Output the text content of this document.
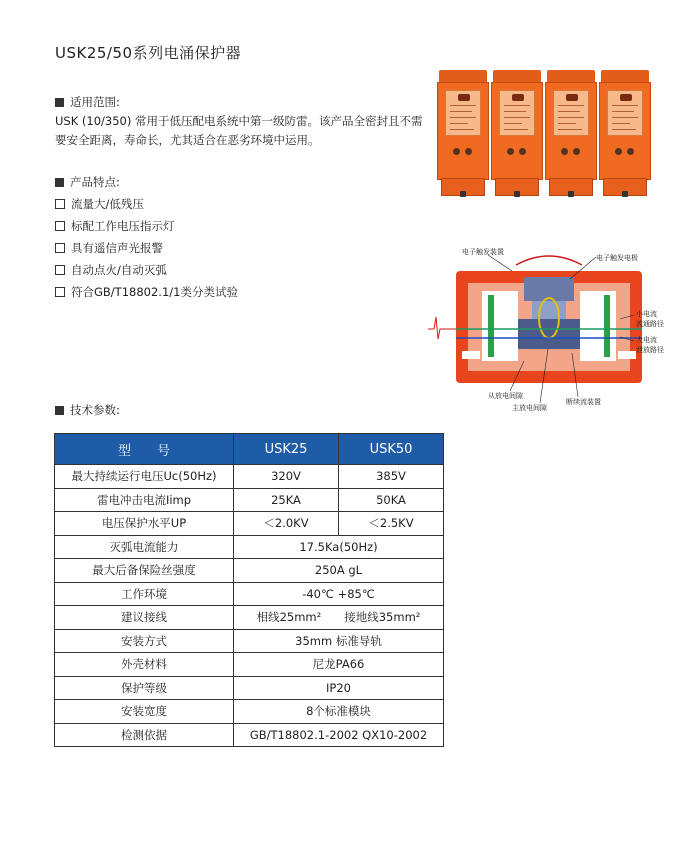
USK25/50系列电涌保护器
适用范围:
USK (10/350) 常用于低压配电系统中第一级防雷。该产品全密封且不需要安全距离，寿命长，尤其适合在恶劣环境中运用。
产品特点:
流量大/低残压
标配工作电压指示灯
具有遥信声光报警
自动点火/自动灭弧
符合GB/T18802.1/1类分类试验
电子触发装置
电子触发电极
小电流
流通路径
大电流
泄放路径
从放电间隙
主放电间隙
断续流装置
技术参数:
型　　号	USK25	USK50
最大持续运行电压Uc(50Hz)	320V	385V
雷电冲击电流Iimp	25KA	50KA
电压保护水平UP	＜2.0KV	＜2.5KV
灭弧电流能力	17.5Ka(50Hz)	
最大后备保险丝强度	250A gL	
工作环境	-40℃ +85℃	
建议接线	相线25mm²　　接地线35mm²	
安装方式	35mm 标准导轨	
外壳材料	尼龙PA66	
保护等级	IP20	
安装宽度	8个标准模块	
检测依据	GB/T18802.1-2002 QX10-2002	
